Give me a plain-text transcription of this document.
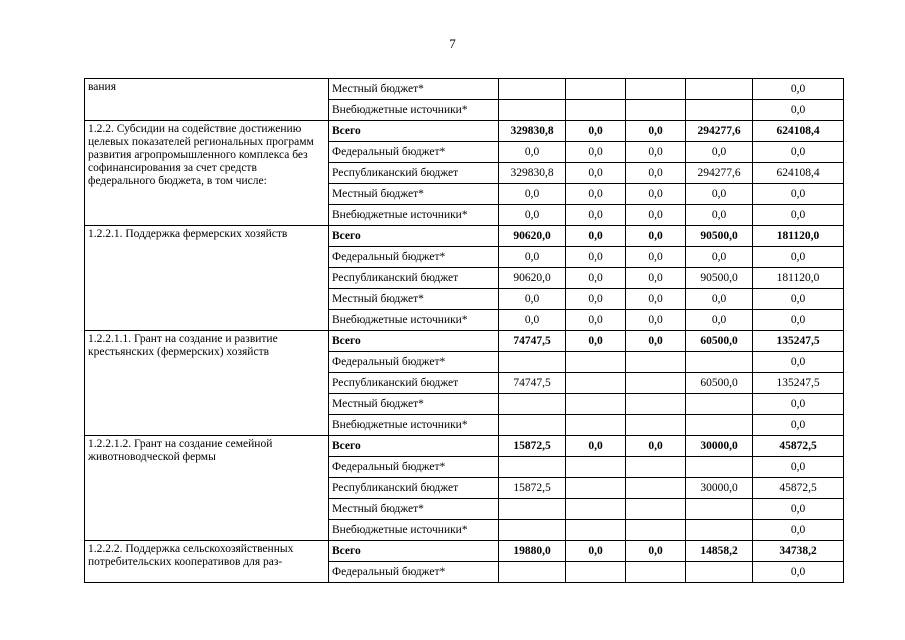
7
вания	Местный бюджет*					0,0
	Внебюджетные источники*					0,0
1.2.2. Субсидии на содействие достижению целевых показателей региональных программ развития агропромышленного комплекса без софинансирования за счет средств федерального бюджета, в том числе:	Всего	329830,8	0,0	0,0	294277,6	624108,4
	Федеральный бюджет*	0,0	0,0	0,0	0,0	0,0
	Республиканский бюджет	329830,8	0,0	0,0	294277,6	624108,4
	Местный бюджет*	0,0	0,0	0,0	0,0	0,0
	Внебюджетные источники*	0,0	0,0	0,0	0,0	0,0
1.2.2.1. Поддержка фермерских хозяйств	Всего	90620,0	0,0	0,0	90500,0	181120,0
	Федеральный бюджет*	0,0	0,0	0,0	0,0	0,0
	Республиканский бюджет	90620,0	0,0	0,0	90500,0	181120,0
	Местный бюджет*	0,0	0,0	0,0	0,0	0,0
	Внебюджетные источники*	0,0	0,0	0,0	0,0	0,0
1.2.2.1.1. Грант на создание и развитие крестьянских (фермерских) хозяйств	Всего	74747,5	0,0	0,0	60500,0	135247,5
	Федеральный бюджет*					0,0
	Республиканский бюджет	74747,5			60500,0	135247,5
	Местный бюджет*					0,0
	Внебюджетные источники*					0,0
1.2.2.1.2. Грант на создание семейной животноводческой фермы	Всего	15872,5	0,0	0,0	30000,0	45872,5
	Федеральный бюджет*					0,0
	Республиканский бюджет	15872,5			30000,0	45872,5
	Местный бюджет*					0,0
	Внебюджетные источники*					0,0
1.2.2.2. Поддержка сельскохозяйственных потребительских кооперативов для раз-	Всего	19880,0	0,0	0,0	14858,2	34738,2
	Федеральный бюджет*					0,0
